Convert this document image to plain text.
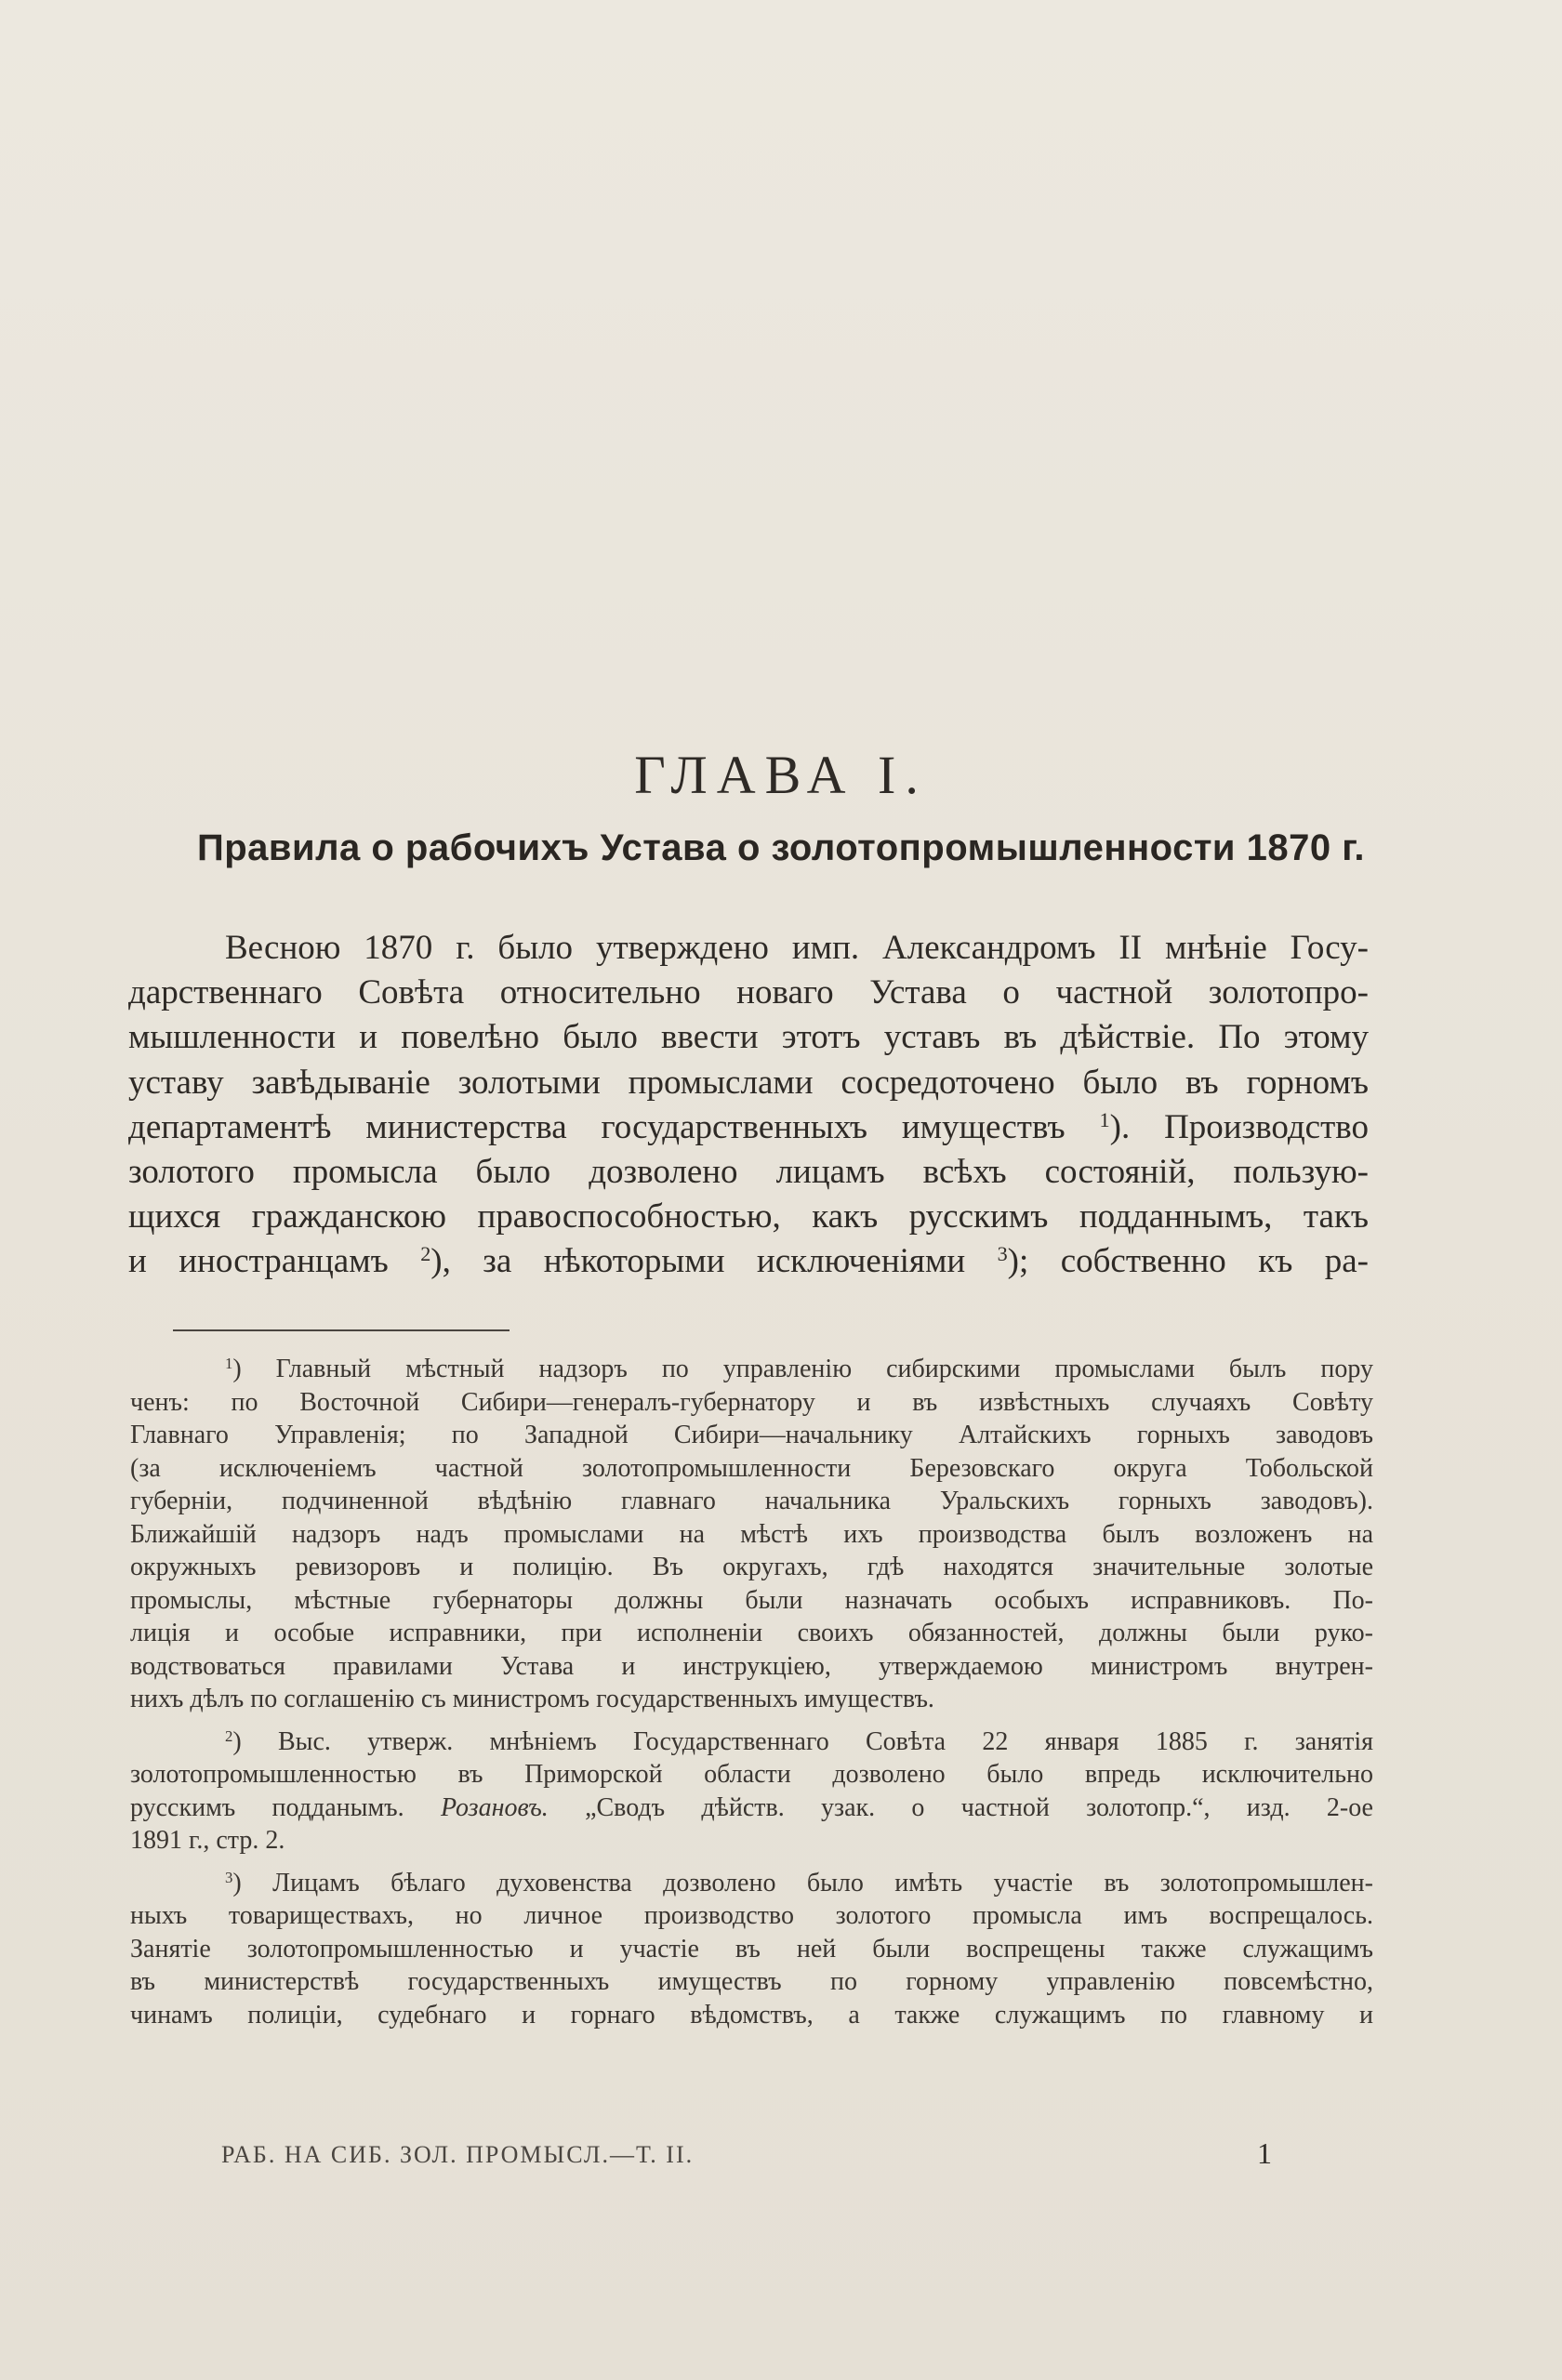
ГЛАВА I.
Правила о рабочихъ Устава о золотопромышленности 1870 г.
Весною 1870 г. было утверждено имп. Александромъ II мнѣніе Госу-
дарственнаго Совѣта относительно новаго Устава о частной золотопро-
мышленности и повелѣно было ввести этотъ уставъ въ дѣйствіе. По этому
уставу завѣдываніе золотыми промыслами сосредоточено было въ горномъ
департаментѣ министерства государственныхъ имуществъ $^1$). Производство
золотого промысла было дозволено лицамъ всѣхъ состояній, пользую-
щихся гражданскою правоспособностью, какъ русскимъ подданнымъ, такъ
и иностранцамъ $^2$), за нѣкоторыми исключеніями $^3$); собственно къ ра-
$^1$) Главный мѣстный надзоръ по управленію сибирскими промыслами былъ пору
ченъ: по Восточной Сибири—генералъ-губернатору и въ извѣстныхъ случаяхъ Совѣту
Главнаго Управленія; по Западной Сибири—начальнику Алтайскихъ горныхъ заводовъ
(за исключеніемъ частной золотопромышленности Березовскаго округа Тобольской
губерніи, подчиненной вѣдѣнію главнаго начальника Уральскихъ горныхъ заводовъ).
Ближайшій надзоръ надъ промыслами на мѣстѣ ихъ производства былъ возложенъ на
окружныхъ ревизоровъ и полицію. Въ округахъ, гдѣ находятся значительные золотые
промыслы, мѣстные губернаторы должны были назначать особыхъ исправниковъ. По-
лиція и особые исправники, при исполненіи своихъ обязанностей, должны были руко-
водствоваться правилами Устава и инструкціею, утверждаемою министромъ внутрен-
нихъ дѣлъ по соглашенію съ министромъ государственныхъ имуществъ.
$^2$) Выс. утверж. мнѣніемъ Государственнаго Совѣта 22 января 1885 г. занятія
золотопромышленностью въ Приморской области дозволено было впредь исключительно
русскимъ подданымъ. Розановъ. „Сводъ дѣйств. узак. о частной золотопр.“, изд. 2-ое
1891 г., стр. 2.
$^3$) Лицамъ бѣлаго духовенства дозволено было имѣть участіе въ золотопромышлен-
ныхъ товариществахъ, но личное производство золотого промысла имъ воспрещалось.
Занятіе золотопромышленностью и участіе въ ней были воспрещены также служащимъ
въ министерствѣ государственныхъ имуществъ по горному управленію повсемѣстно,
чинамъ полиціи, судебнаго и горнаго вѣдомствъ, а также служащимъ по главному и
РАБ. НА СИБ. ЗОЛ. ПРОМЫСЛ.—Т. II.	1
